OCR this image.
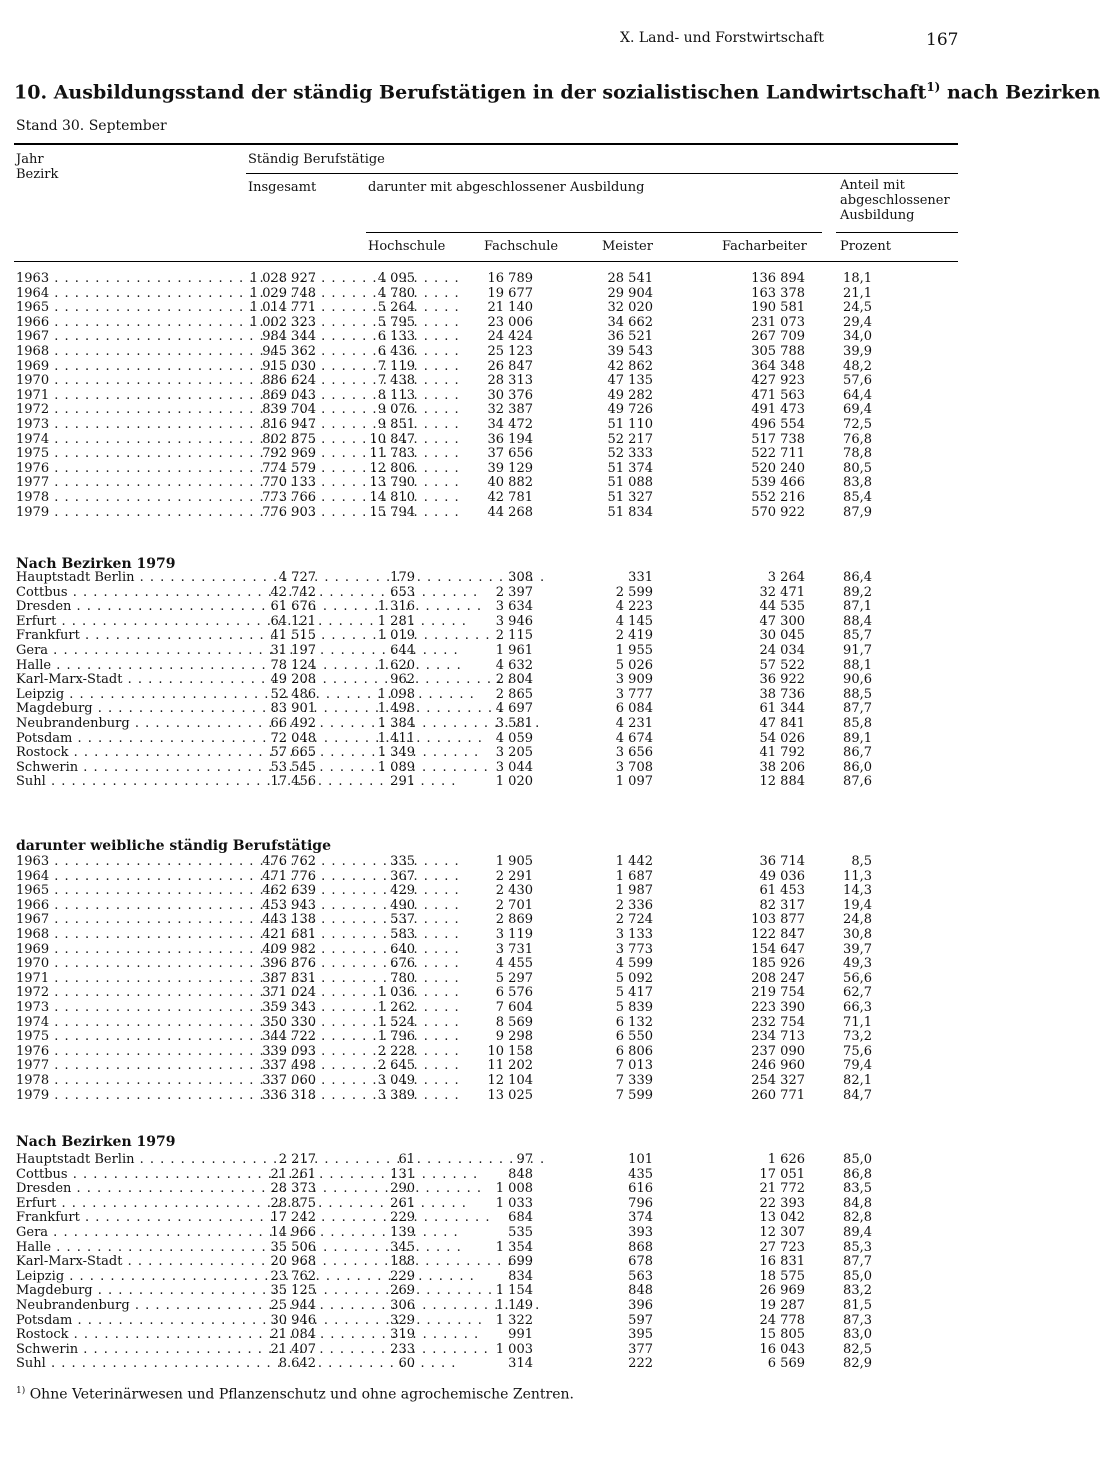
X. Land- und Forstwirtschaft	167
10. Ausbildungsstand der ständig Berufstätigen in der sozialistischen Landwirtschaft$^{1)}$ nach Bezirken
Stand 30. September
Jahr
Bezirk
Ständig Berufstätige
Insgesamt	darunter mit abgeschlossener Ausbildung	Anteil mit
abgeschlossener
Ausbildung
Hochschule	Fachschule	Meister	Facharbeiter	Prozent
1963 . . .	1 028 927	4 095	16 789	28 541	136 894	18,1
1964 . . .	1 029 748	4 780	19 677	29 904	163 378	21,1
1965 . . .	1 014 771	5 264	21 140	32 020	190 581	24,5
1966 . . .	1 002 323	5 795	23 006	34 662	231 073	29,4
1967 . . .	984 344	6 133	24 424	36 521	267 709	34,0
1968 . . .	945 362	6 436	25 123	39 543	305 788	39,9
1969 . . .	915 030	7 119	26 847	42 862	364 348	48,2
1970 . . .	886 624	7 438	28 313	47 135	427 923	57,6
1971 . . .	869 043	8 113	30 376	49 282	471 563	64,4
1972 . . .	839 704	9 076	32 387	49 726	491 473	69,4
1973 . . .	816 947	9 851	34 472	51 110	496 554	72,5
1974 . . .	802 875	10 847	36 194	52 217	517 738	76,8
1975 . . .	792 969	11 783	37 656	52 333	522 711	78,8
1976 . . .	774 579	12 806	39 129	51 374	520 240	80,5
1977 . . .	770 133	13 790	40 882	51 088	539 466	83,8
1978 . . .	773 766	14 810	42 781	51 327	552 216	85,4
1979 . . .	776 903	15 794	44 268	51 834	570 922	87,9
Nach Bezirken 1979
Hauptstadt Berlin . . .	4 727	179	308	331	3 264	86,4
Cottbus . . .	42 742	653	2 397	2 599	32 471	89,2
Dresden . . .	61 676	1 316	3 634	4 223	44 535	87,1
Erfurt . . .	64 121	1 281	3 946	4 145	47 300	88,4
Frankfurt . . .	41 515	1 019	2 115	2 419	30 045	85,7
Gera . . .	31 197	644	1 961	1 955	24 034	91,7
Halle . . .	78 124	1 620	4 632	5 026	57 522	88,1
Karl-Marx-Stadt . . .	49 208	962	2 804	3 909	36 922	90,6
Leipzig . . .	52 486	1 098	2 865	3 777	38 736	88,5
Magdeburg . . .	83 901	1 498	4 697	6 084	61 344	87,7
Neubrandenburg . . .	66 492	1 384	3 581	4 231	47 841	85,8
Potsdam . . .	72 048	1 411	4 059	4 674	54 026	89,1
Rostock . . .	57 665	1 349	3 205	3 656	41 792	86,7
Schwerin . . .	53 545	1 089	3 044	3 708	38 206	86,0
Suhl . . .	17 456	291	1 020	1 097	12 884	87,6
darunter weibliche ständig Berufstätige
1963 . . .	476 762	335	1 905	1 442	36 714	8,5
1964 . . .	471 776	367	2 291	1 687	49 036	11,3
1965 . . .	462 639	429	2 430	1 987	61 453	14,3
1966 . . .	453 943	490	2 701	2 336	82 317	19,4
1967 . . .	443 138	537	2 869	2 724	103 877	24,8
1968 . . .	421 681	583	3 119	3 133	122 847	30,8
1969 . . .	409 982	640	3 731	3 773	154 647	39,7
1970 . . .	396 876	676	4 455	4 599	185 926	49,3
1971 . . .	387 831	780	5 297	5 092	208 247	56,6
1972 . . .	371 024	1 036	6 576	5 417	219 754	62,7
1973 . . .	359 343	1 262	7 604	5 839	223 390	66,3
1974 . . .	350 330	1 524	8 569	6 132	232 754	71,1
1975 . . .	344 722	1 796	9 298	6 550	234 713	73,2
1976 . . .	339 093	2 228	10 158	6 806	237 090	75,6
1977 . . .	337 498	2 645	11 202	7 013	246 960	79,4
1978 . . .	337 060	3 049	12 104	7 339	254 327	82,1
1979 . . .	336 318	3 389	13 025	7 599	260 771	84,7
Nach Bezirken 1979
Hauptstadt Berlin . . .	2 217	61	97	101	1 626	85,0
Cottbus . . .	21 261	131	848	435	17 051	86,8
Dresden . . .	28 373	290	1 008	616	21 772	83,5
Erfurt . . .	28 875	261	1 033	796	22 393	84,8
Frankfurt . . .	17 242	229	684	374	13 042	82,8
Gera . . .	14 966	139	535	393	12 307	89,4
Halle . . .	35 506	345	1 354	868	27 723	85,3
Karl-Marx-Stadt . . .	20 968	188	699	678	16 831	87,7
Leipzig . . .	23 762	229	834	563	18 575	85,0
Magdeburg . . .	35 125	269	1 154	848	26 969	83,2
Neubrandenburg . . .	25 944	306	1 149	396	19 287	81,5
Potsdam . . .	30 946	329	1 322	597	24 778	87,3
Rostock . . .	21 084	319	991	395	15 805	83,0
Schwerin . . .	21 407	233	1 003	377	16 043	82,5
Suhl . . .	8 642	60	314	222	6 569	82,9
$^{1)}$ Ohne Veterinärwesen und Pflanzenschutz und ohne agrochemische Zentren.
